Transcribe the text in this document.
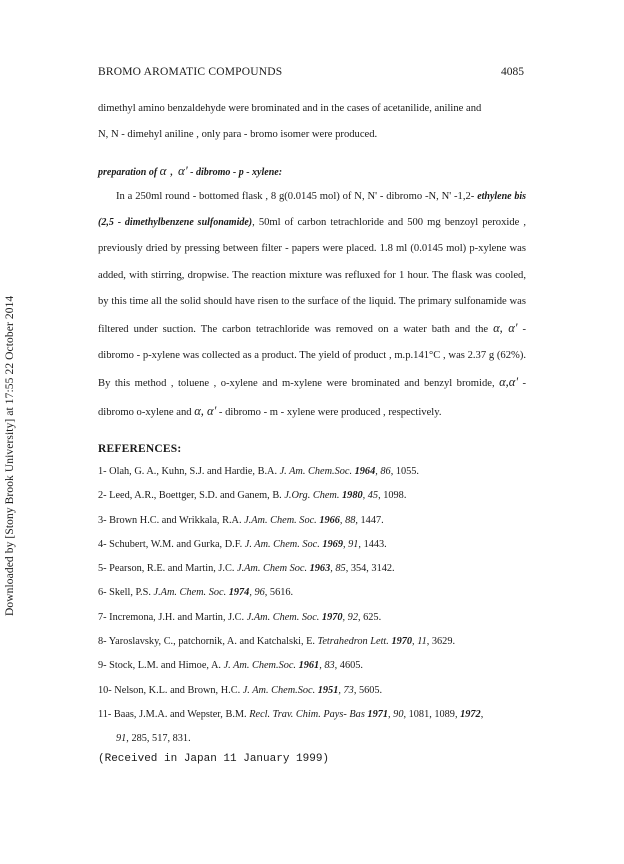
Downloaded by [Stony Brook University] at 17:55 22 October 2014
BROMO AROMATIC COMPOUNDS	4085

dimethyl amino benzaldehyde were brominated and in the cases of acetanilide, aniline and

N, N - dimehyl aniline , only para - bromo isomer were produced.

preparation of α , α' - dibromo - p - xylene:

In a 250ml round - bottomed flask , 8 g(0.0145 mol) of N, N' - dibromo -N, N' -1,2- ethylene bis (2,5 - dimethylbenzene sulfonamide), 50ml of carbon tetrachloride and 500 mg benzoyl peroxide , previously dried by pressing between filter - papers were placed. 1.8 ml (0.0145 mol) p-xylene was added, with stirring, dropwise. The reaction mixture was refluxed for 1 hour. The flask was cooled, by this time all the solid should have risen to the surface of the liquid. The primary sulfonamide was filtered under suction. The carbon tetrachloride was removed on a water bath and the α, α' - dibromo - p-xylene was collected as a product. The yield of product , m.p.141°C , was 2.37 g (62%). By this method , toluene , o-xylene and m-xylene were brominated and benzyl bromide, α,α' - dibromo o-xylene and α, α' - dibromo - m - xylene were produced , respectively.

REFERENCES:
1- Olah, G. A., Kuhn, S.J. and Hardie, B.A. J. Am. Chem.Soc. 1964, 86, 1055.
2- Leed, A.R., Boettger, S.D. and Ganem, B. J.Org. Chem. 1980, 45, 1098.
3- Brown H.C. and Wrikkala, R.A. J.Am. Chem. Soc. 1966, 88, 1447.
4- Schubert, W.M. and Gurka, D.F. J. Am. Chem. Soc. 1969, 91, 1443.
5- Pearson, R.E. and Martin, J.C. J.Am. Chem Soc. 1963, 85, 354, 3142.
6- Skell, P.S. J.Am. Chem. Soc. 1974, 96, 5616.
7- Incremona, J.H. and Martin, J.C. J.Am. Chem. Soc. 1970, 92, 625.
8- Yaroslavsky, C., patchornik, A. and Katchalski, E. Tetrahedron Lett. 1970, 11, 3629.
9- Stock, L.M. and Himoe, A. J. Am. Chem.Soc. 1961, 83, 4605.
10- Nelson, K.L. and Brown, H.C. J. Am. Chem.Soc. 1951, 73, 5605.
11- Baas, J.M.A. and Wepster, B.M. Recl. Trav. Chim. Pays- Bas 1971, 90, 1081, 1089, 1972,
91, 285, 517, 831.
(Received in Japan 11 January 1999)
